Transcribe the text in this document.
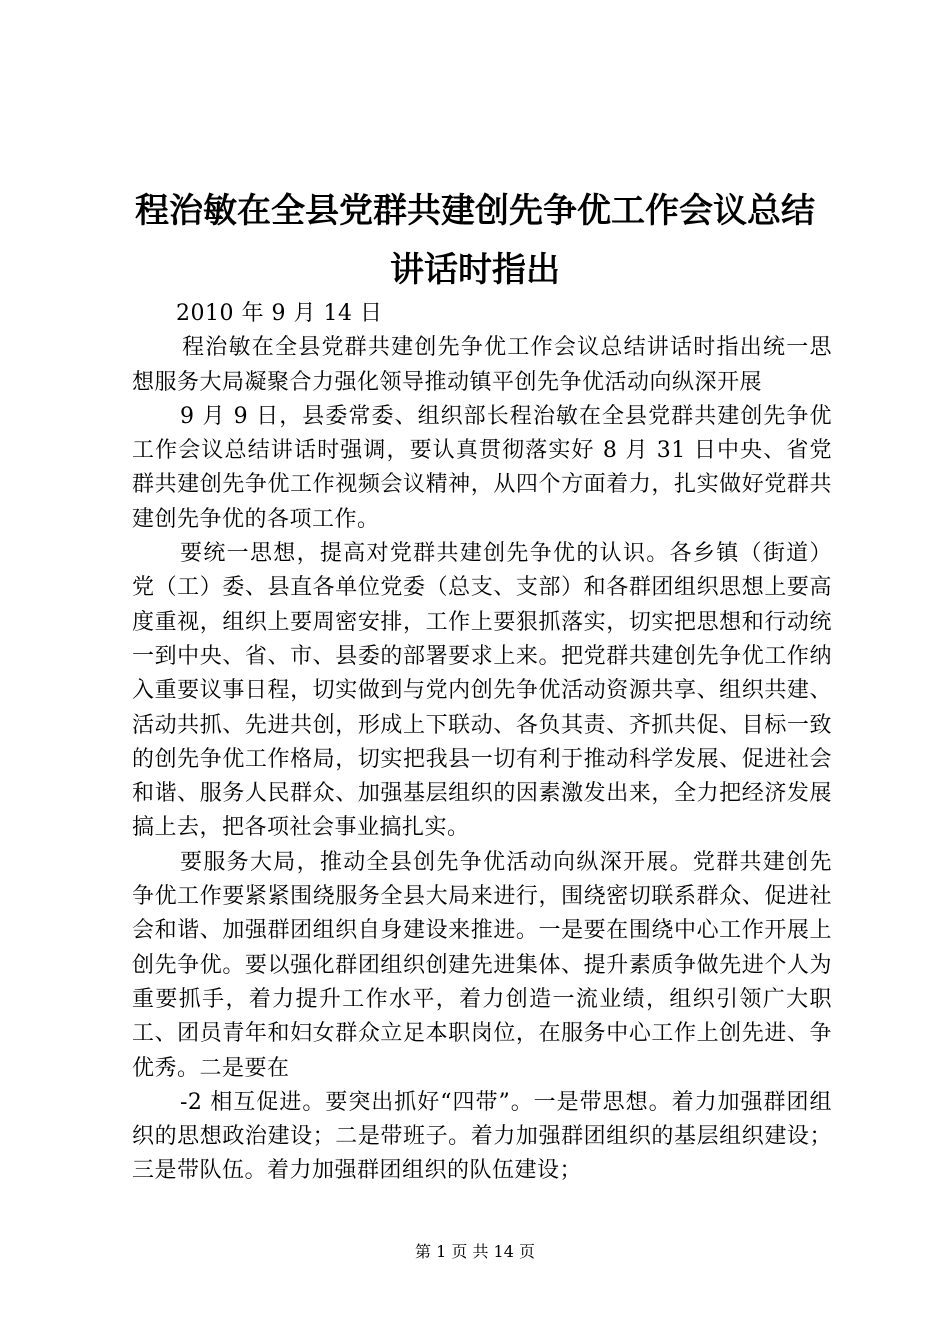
程治敏在全县党群共建创先争优工作会议总结
讲话时指出

2010 年 9 月 14 日

程治敏在全县党群共建创先争优工作会议总结讲话时指出统一思想服务大局凝聚合力强化领导推动镇平创先争优活动向纵深开展

9 月 9 日，县委常委、组织部长程治敏在全县党群共建创先争优工作会议总结讲话时强调，要认真贯彻落实好 8 月 31 日中央、省党群共建创先争优工作视频会议精神，从四个方面着力，扎实做好党群共建创先争优的各项工作。

要统一思想，提高对党群共建创先争优的认识。各乡镇（街道）党（工）委、县直各单位党委（总支、支部）和各群团组织思想上要高度重视，组织上要周密安排，工作上要狠抓落实，切实把思想和行动统一到中央、省、市、县委的部署要求上来。把党群共建创先争优工作纳入重要议事日程，切实做到与党内创先争优活动资源共享、组织共建、活动共抓、先进共创，形成上下联动、各负其责、齐抓共促、目标一致的创先争优工作格局，切实把我县一切有利于推动科学发展、促进社会和谐、服务人民群众、加强基层组织的因素激发出来，全力把经济发展搞上去，把各项社会事业搞扎实。

要服务大局，推动全县创先争优活动向纵深开展。党群共建创先争优工作要紧紧围绕服务全县大局来进行，围绕密切联系群众、促进社会和谐、加强群团组织自身建设来推进。一是要在围绕中心工作开展上创先争优。要以强化群团组织创建先进集体、提升素质争做先进个人为重要抓手，着力提升工作水平，着力创造一流业绩，组织引领广大职工、团员青年和妇女群众立足本职岗位，在服务中心工作上创先进、争优秀。二是要在

-2 相互促进。要突出抓好“四带”。一是带思想。着力加强群团组织的思想政治建设；二是带班子。着力加强群团组织的基层组织建设；三是带队伍。着力加强群团组织的队伍建设；

第 1 页 共 14 页
